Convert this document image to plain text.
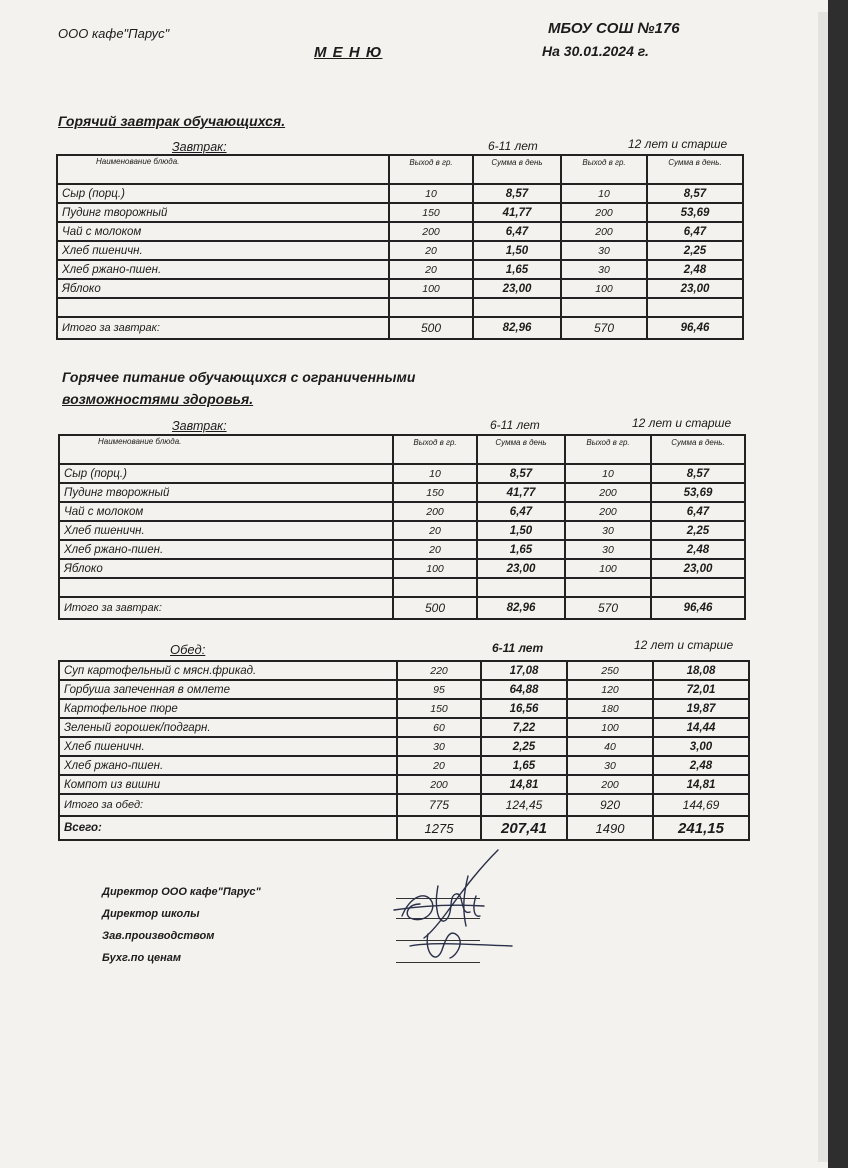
ООО кафе"Парус"	МБОУ СОШ №176
М Е Н Ю	На 30.01.2024 г.
Горячий завтрак обучающихся.
Завтрак:	6-11 лет	12 лет и старше
Наименование блюда.	Выход в гр.	Сумма в день	Выход в гр.	Сумма в день.
Сыр (порц.)	10	8,57	10	8,57
Пудинг творожный	150	41,77	200	53,69
Чай с молоком	200	6,47	200	6,47
Хлеб пшеничн.	20	1,50	30	2,25
Хлеб ржано-пшен.	20	1,65	30	2,48
Яблоко	100	23,00	100	23,00

Итого за завтрак:	500	82,96	570	96,46
Горячее питание обучающихся с ограниченными
возможностями здоровья.
Завтрак:	6-11 лет	12 лет и старше
Наименование блюда.	Выход в гр.	Сумма в день	Выход в гр.	Сумма в день.
Сыр (порц.)	10	8,57	10	8,57
Пудинг творожный	150	41,77	200	53,69
Чай с молоком	200	6,47	200	6,47
Хлеб пшеничн.	20	1,50	30	2,25
Хлеб ржано-пшен.	20	1,65	30	2,48
Яблоко	100	23,00	100	23,00

Итого за завтрак:	500	82,96	570	96,46
Обед:	6-11 лет	12 лет и старше
Суп картофельный с мясн.фрикад.	220	17,08	250	18,08
Горбуша запеченная в омлете	95	64,88	120	72,01
Картофельное пюре	150	16,56	180	19,87
Зеленый горошек/подгарн.	60	7,22	100	14,44
Хлеб пшеничн.	30	2,25	40	3,00
Хлеб ржано-пшен.	20	1,65	30	2,48
Компот из вишни	200	14,81	200	14,81
Итого за обед:	775	124,45	920	144,69
Всего:	1275	207,41	1490	241,15
Директор ООО кафе"Парус"
Директор школы
Зав.производством
Бухг.по ценам
